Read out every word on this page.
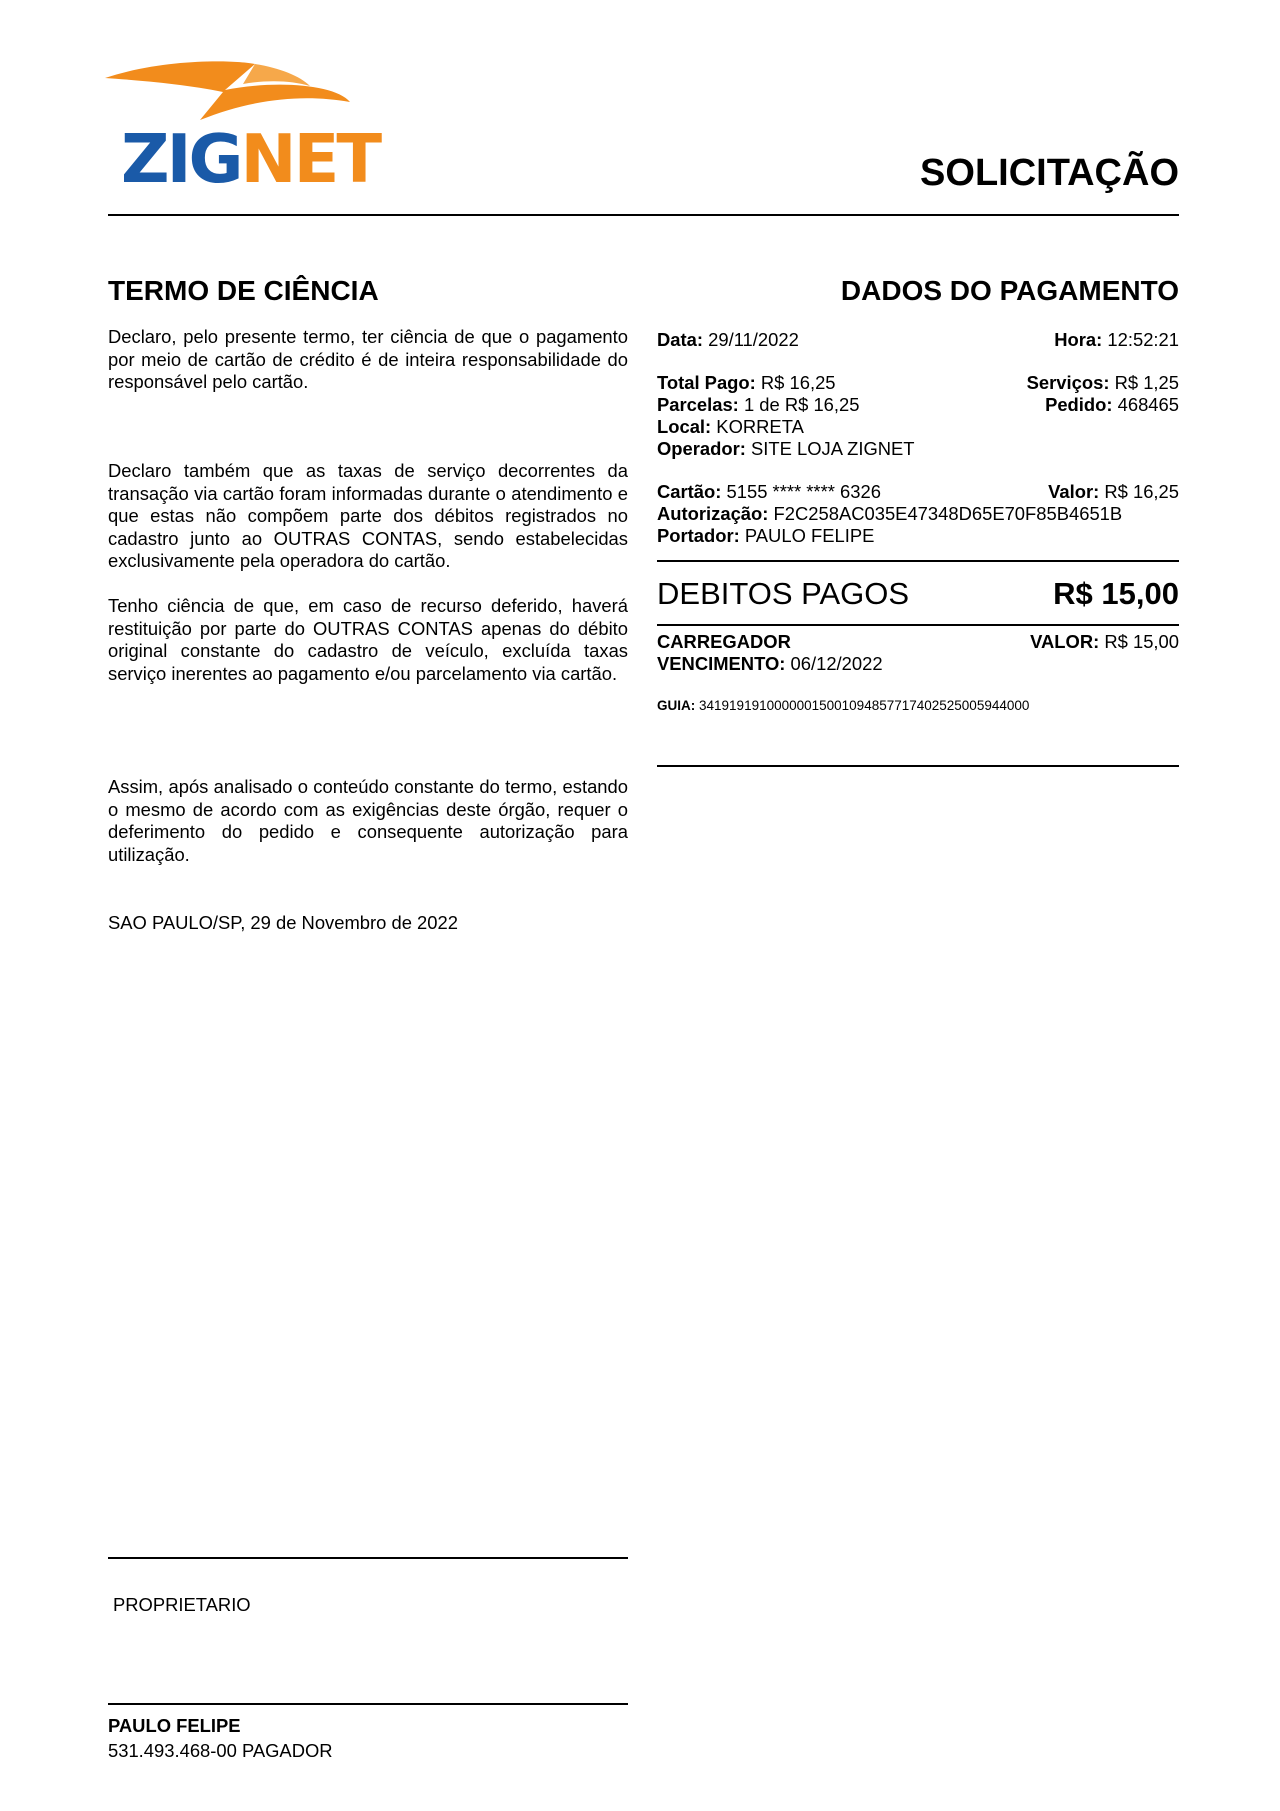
ZIGNET	SOLICITAÇÃO
TERMO DE CIÊNCIA
Declaro, pelo presente termo, ter ciência de que o pagamento por meio de cartão de crédito é de inteira responsabilidade do responsável pelo cartão.
Declaro também que as taxas de serviço decorrentes da transação via cartão foram informadas durante o atendimento e que estas não compõem parte dos débitos registrados no cadastro junto ao OUTRAS CONTAS, sendo estabelecidas exclusivamente pela operadora do cartão.
Tenho ciência de que, em caso de recurso deferido, haverá restituição por parte do OUTRAS CONTAS apenas do débito original constante do cadastro de veículo, excluída taxas serviço inerentes ao pagamento e/ou parcelamento via cartão.
Assim, após analisado o conteúdo constante do termo, estando o mesmo de acordo com as exigências deste órgão, requer o deferimento do pedido e consequente autorização para utilização.
SAO PAULO/SP, 29 de Novembro de 2022
DADOS DO PAGAMENTO
Data: 29/11/2022	Hora: 12:52:21
Total Pago: R$ 16,25	Serviços: R$ 1,25
Parcelas: 1 de R$ 16,25	Pedido: 468465
Local: KORRETA
Operador: SITE LOJA ZIGNET
Cartão: 5155 **** **** 6326	Valor: R$ 16,25
Autorização: F2C258AC035E47348D65E70F85B4651B
Portador: PAULO FELIPE
DEBITOS PAGOS	R$ 15,00
CARREGADOR	VALOR: R$ 15,00
VENCIMENTO: 06/12/2022
GUIA: 34191919100000015001094857717402525005944000
PROPRIETARIO
PAULO FELIPE
531.493.468-00 PAGADOR
